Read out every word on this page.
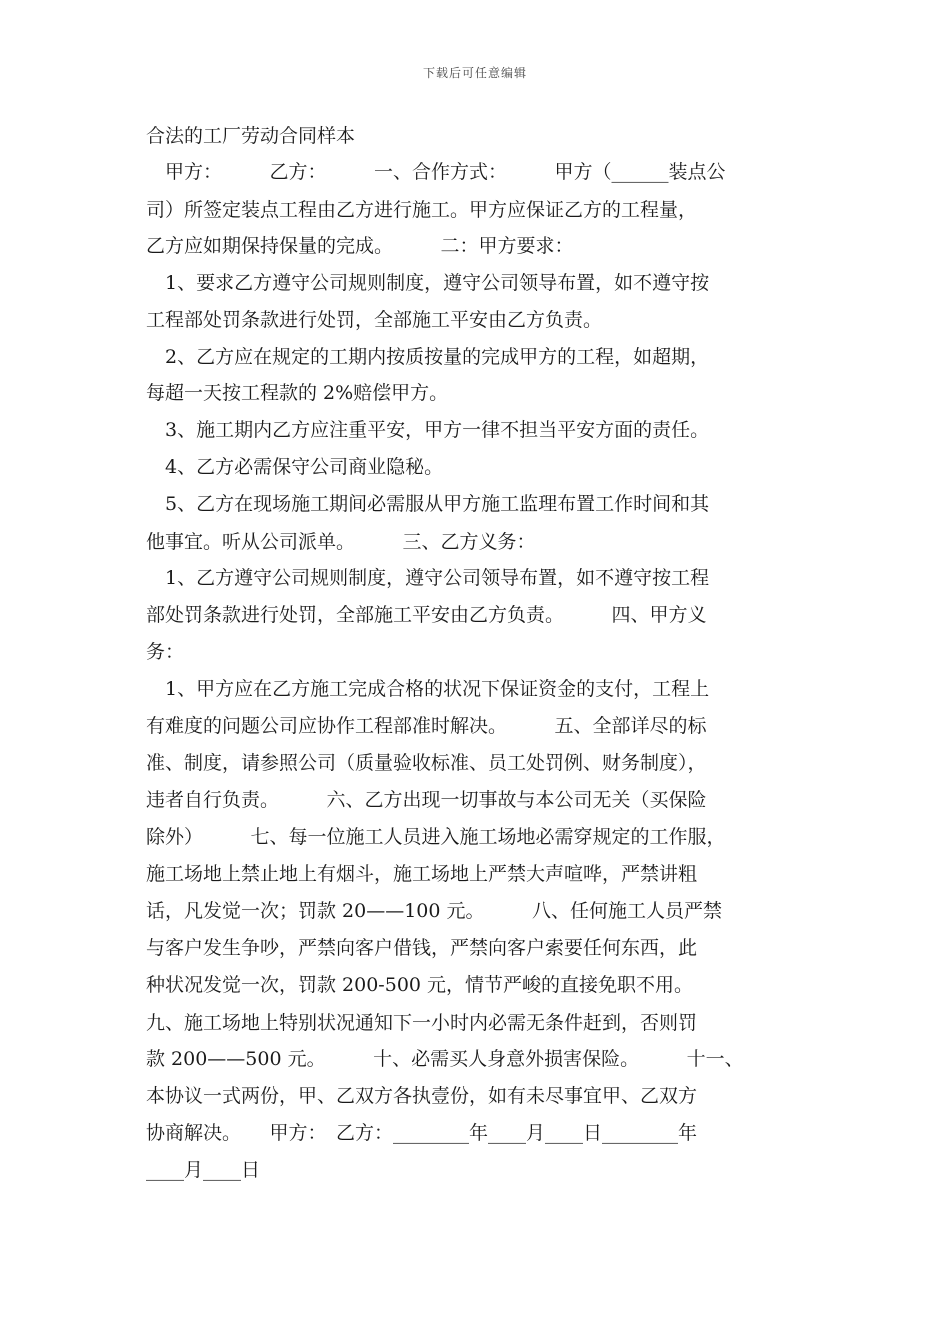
下载后可任意编辑
合法的工厂劳动合同样本
　甲方：　　　乙方：　　　一、合作方式：　　　甲方（______装点公
司）所签定装点工程由乙方进行施工。甲方应保证乙方的工程量，
乙方应如期保持保量的完成。　　　二：甲方要求：
　1、要求乙方遵守公司规则制度，遵守公司领导布置，如不遵守按
工程部处罚条款进行处罚，全部施工平安由乙方负责。
　2、乙方应在规定的工期内按质按量的完成甲方的工程，如超期，
每超一天按工程款的 2%赔偿甲方。
　3、施工期内乙方应注重平安，甲方一律不担当平安方面的责任。
　4、乙方必需保守公司商业隐秘。
　5、乙方在现场施工期间必需服从甲方施工监理布置工作时间和其
他事宜。听从公司派单。　　　三、乙方义务：
　1、乙方遵守公司规则制度，遵守公司领导布置，如不遵守按工程
部处罚条款进行处罚，全部施工平安由乙方负责。　　　四、甲方义
务：
　1、甲方应在乙方施工完成合格的状况下保证资金的支付，工程上
有难度的问题公司应协作工程部准时解决。　　　五、全部详尽的标
准、制度，请参照公司（质量验收标准、员工处罚例、财务制度），
违者自行负责。　　　六、乙方出现一切事故与本公司无关（买保险
除外）　　　七、每一位施工人员进入施工场地必需穿规定的工作服，
施工场地上禁止地上有烟斗，施工场地上严禁大声喧哗，严禁讲粗
话，凡发觉一次；罚款 20——100 元。　　　八、任何施工人员严禁
与客户发生争吵，严禁向客户借钱，严禁向客户索要任何东西，此
种状况发觉一次，罚款 200-500 元，情节严峻的直接免职不用。
九、施工场地上特别状况通知下一小时内必需无条件赶到，否则罚
款 200——500 元。　　　十、必需买人身意外损害保险。　　　十一、
本协议一式两份，甲、乙双方各执壹份，如有未尽事宜甲、乙双方
协商解决。　　甲方：　乙方：________年____月____日________年
____月____日
